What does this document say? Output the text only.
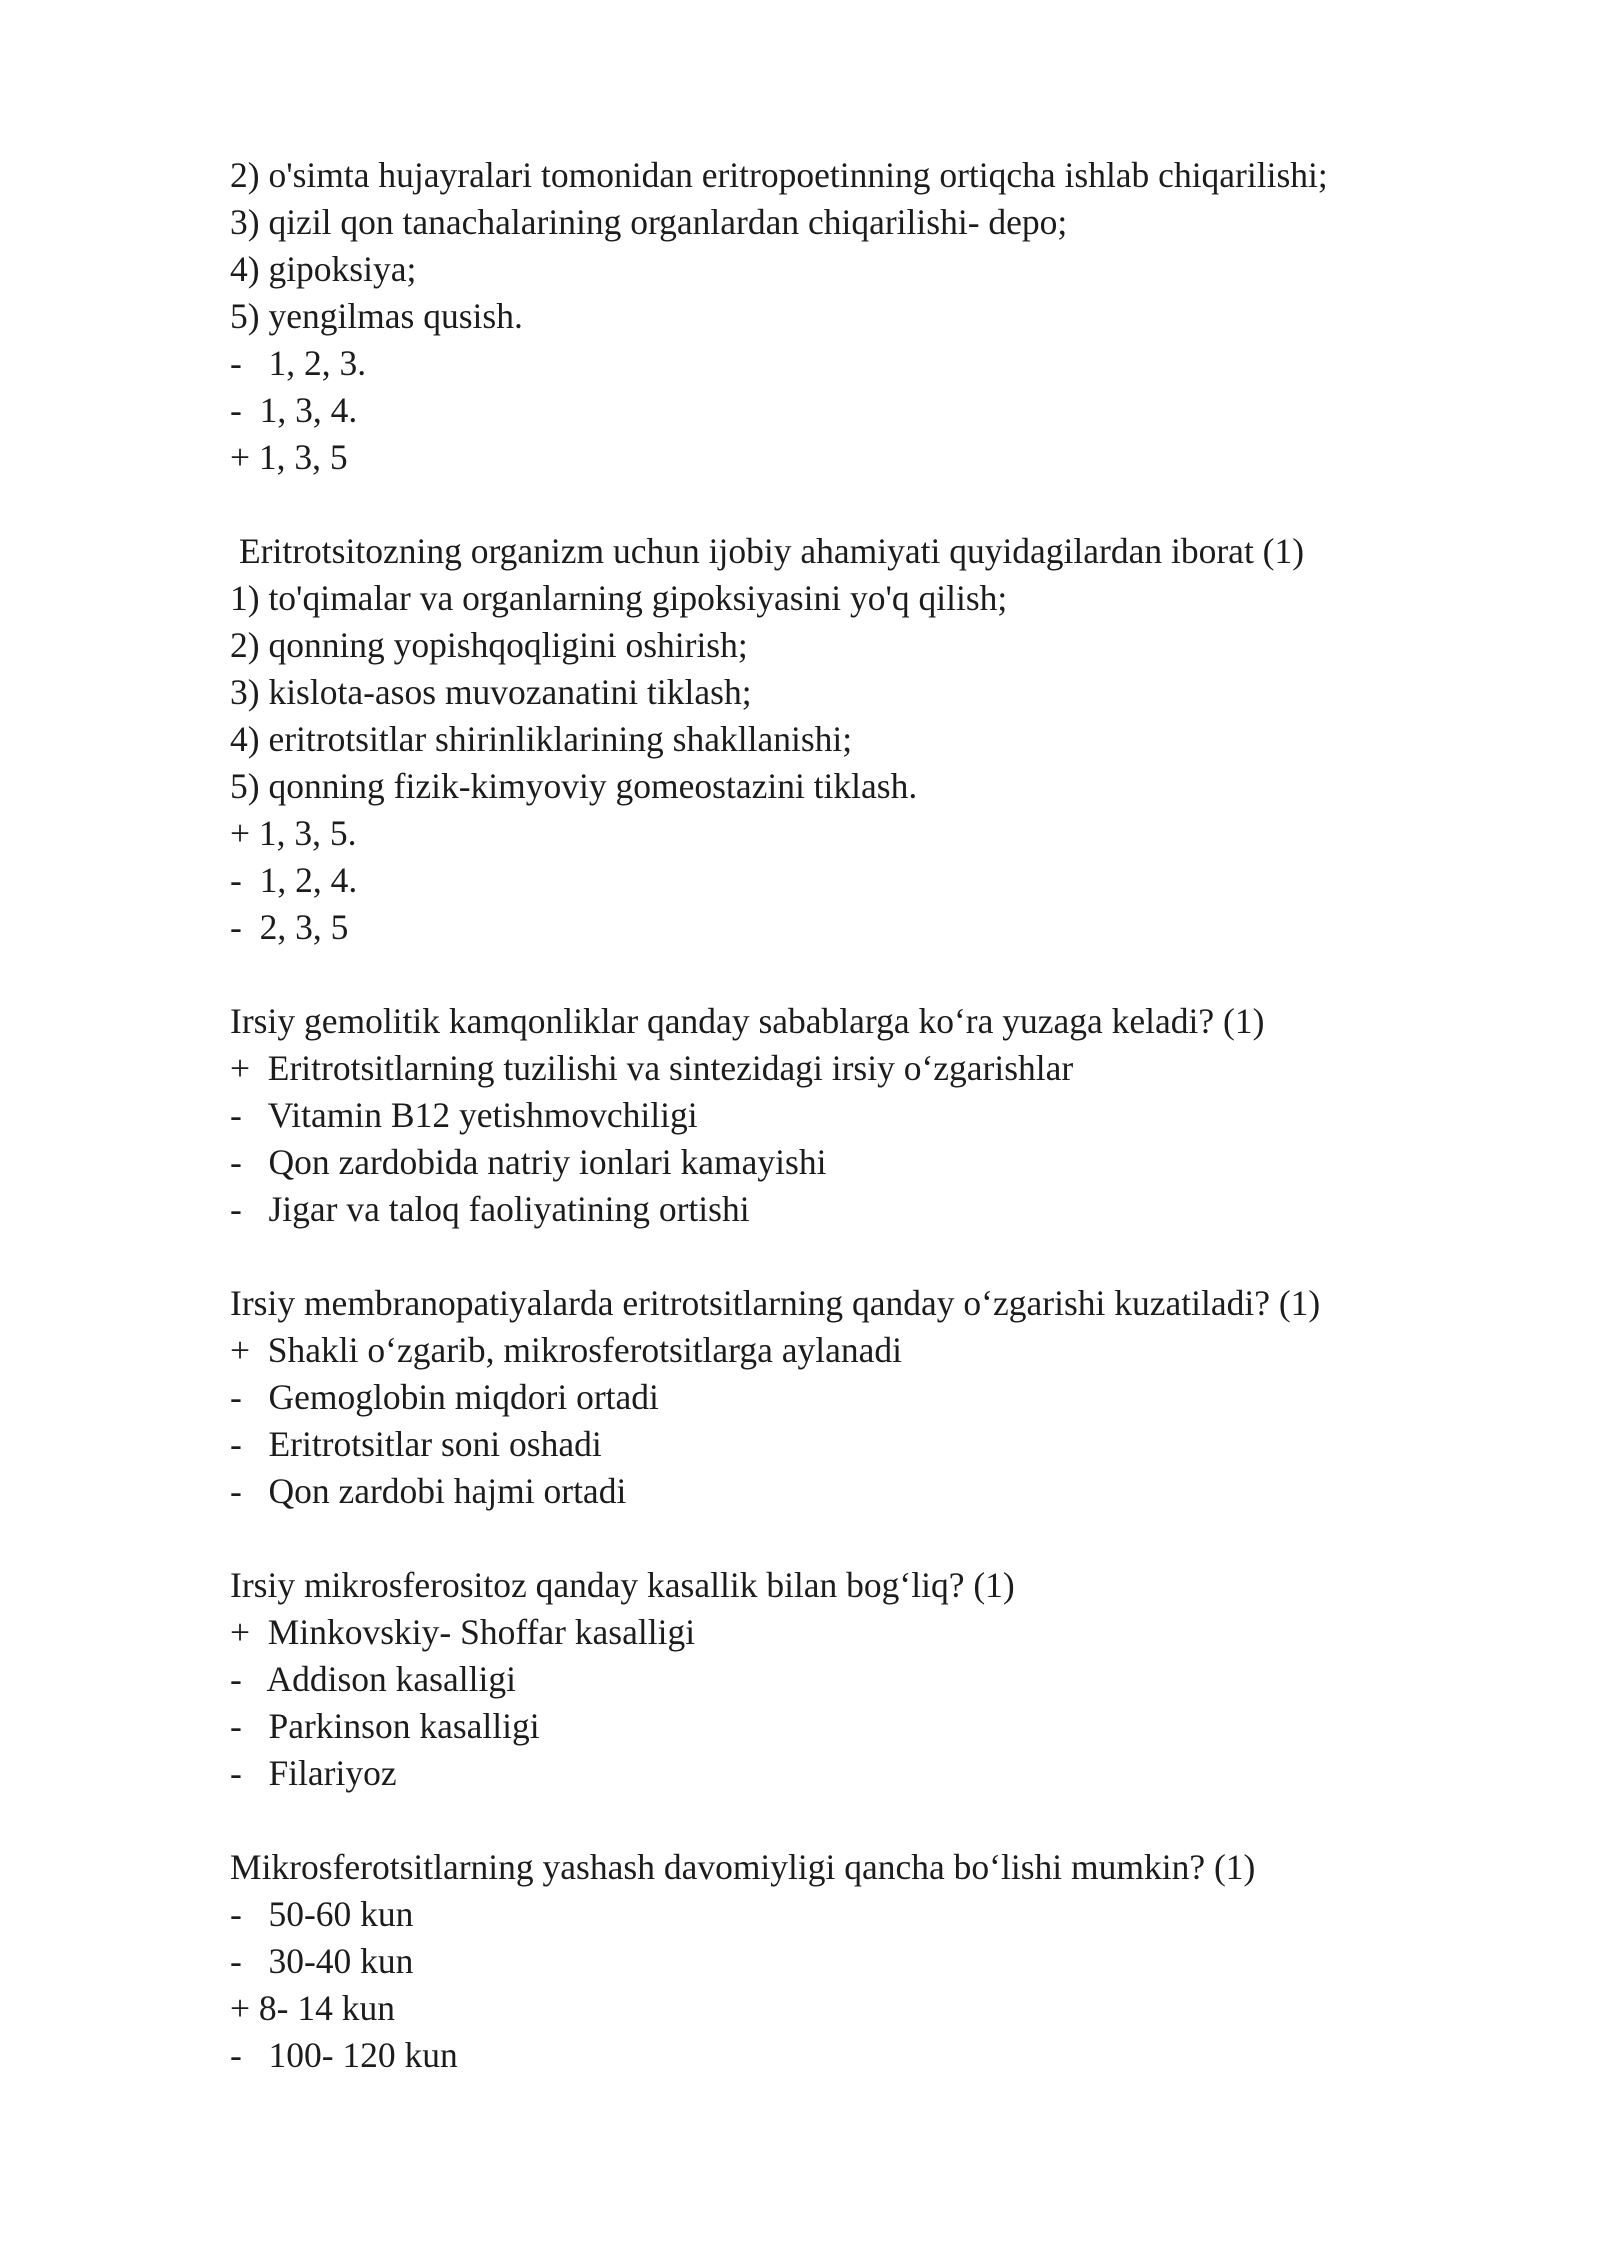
2) o'simta hujayralari tomonidan eritropoetinning ortiqcha ishlab chiqarilishi;
3) qizil qon tanachalarining organlardan chiqarilishi- depo;
4) gipoksiya;
5) yengilmas qusish.
-   1, 2, 3.
-  1, 3, 4.
+ 1, 3, 5
Eritrotsitozning organizm uchun ijobiy ahamiyati quyidagilardan iborat (1)
1) to'qimalar va organlarning gipoksiyasini yo'q qilish;
2) qonning yopishqoqligini oshirish;
3) kislota-asos muvozanatini tiklash;
4) eritrotsitlar shirinliklarining shakllanishi;
5) qonning fizik-kimyoviy gomeostazini tiklash.
+ 1, 3, 5.
-  1, 2, 4.
-  2, 3, 5
Irsiy gemolitik kamqonliklar qanday sabablarga ko‘ra yuzaga keladi? (1)
+  Eritrotsitlarning tuzilishi va sintezidagi irsiy o‘zgarishlar
-   Vitamin B12 yetishmovchiligi
-   Qon zardobida natriy ionlari kamayishi
-   Jigar va taloq faoliyatining ortishi
Irsiy membranopatiyalarda eritrotsitlarning qanday o‘zgarishi kuzatiladi? (1)
+  Shakli o‘zgarib, mikrosferotsitlarga aylanadi
-   Gemoglobin miqdori ortadi
-   Eritrotsitlar soni oshadi
-   Qon zardobi hajmi ortadi
Irsiy mikrosferositoz qanday kasallik bilan bog‘liq? (1)
+  Minkovskiy- Shoffar kasalligi
-   Addison kasalligi
-   Parkinson kasalligi
-   Filariyoz
Mikrosferotsitlarning yashash davomiyligi qancha bo‘lishi mumkin? (1)
-   50-60 kun
-   30-40 kun
+ 8- 14 kun
-   100- 120 kun
